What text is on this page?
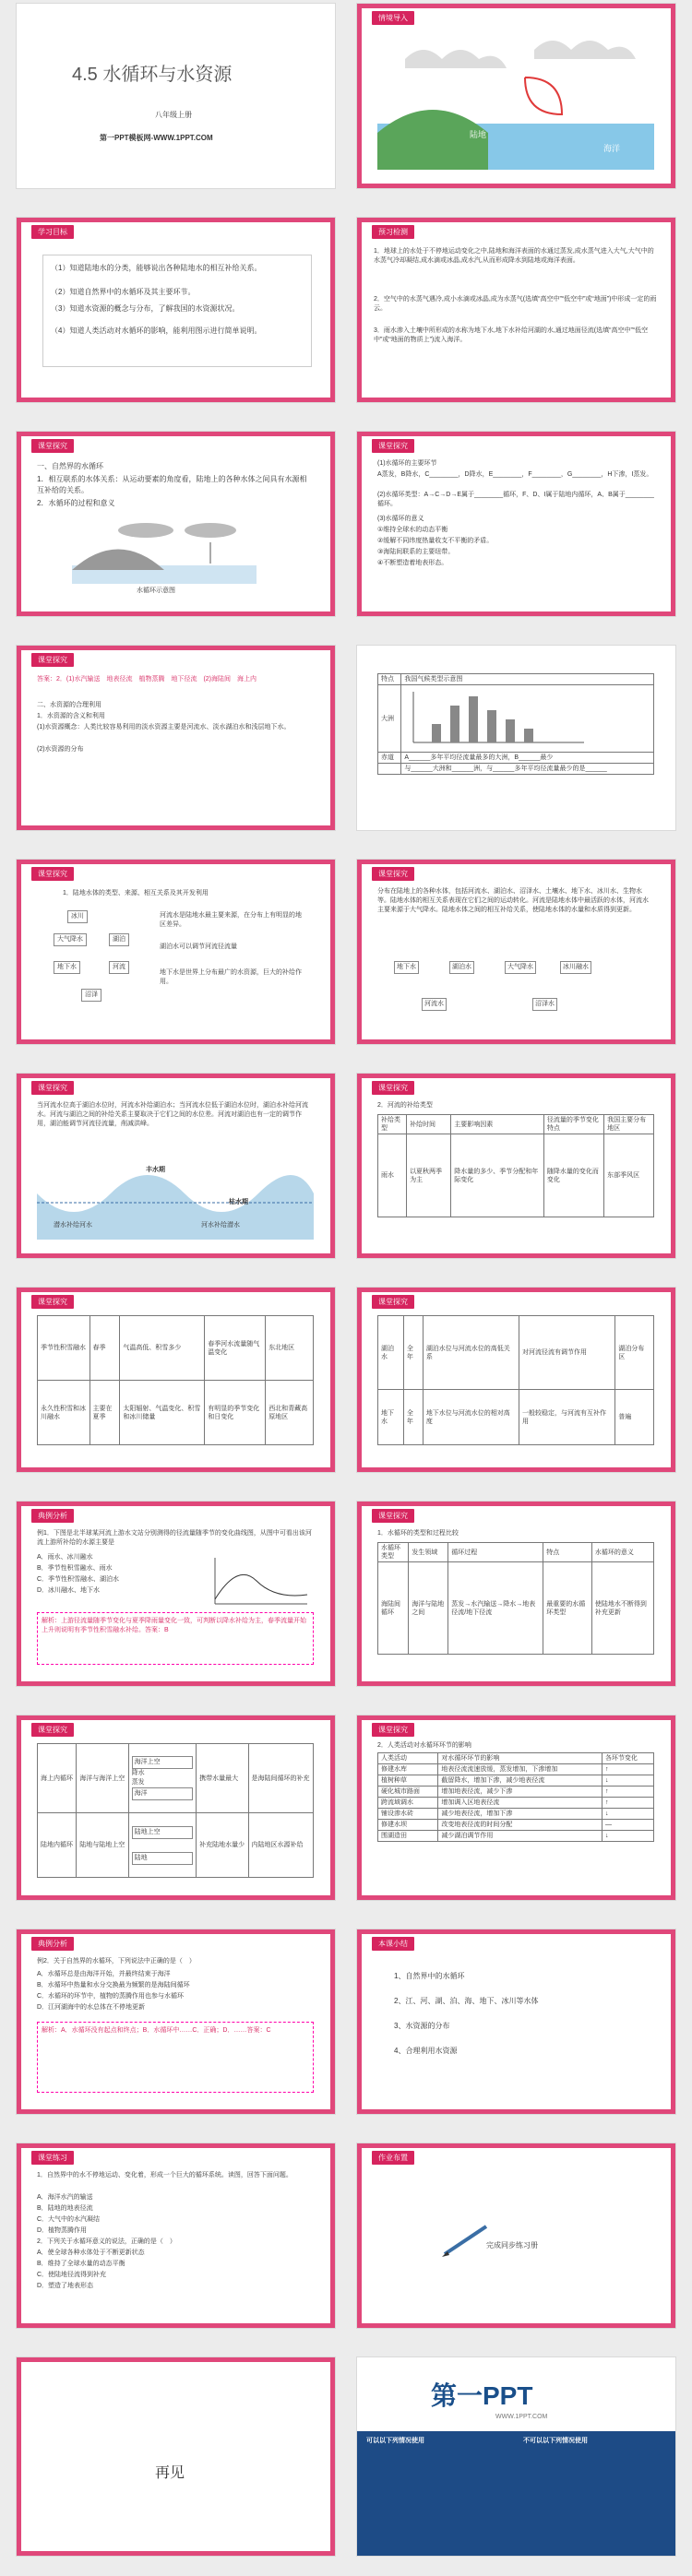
4.5 水循环与水资源
八年级上册
第一PPT模板网-WWW.1PPT.COM
情境导入
陆地
海洋
学习目标
（1）知道陆地水的分类，能够说出各种陆地水的相互补给关系。
（2）知道自然界中的水循环及其主要环节。
（3）知道水资源的概念与分布，了解我国的水资源状况。
（4）知道人类活动对水循环的影响，能利用图示进行简单说明。
预习检测
1．地球上的水处于不停地运动变化之中,陆地和海洋表面的水通过蒸发,成水蒸气进入大气,大气中的水蒸气冷却凝结,成水滴或冰晶,成水汽,从而形成降水到陆地或海洋表面。
2．空气中的水蒸气遇冷,成小水滴或冰晶,成为水蒸气(选填“高空中”“低空中”或“地面”)中形成一定的雨云。
3．雨水渗入土壤中所形成的水称为地下水,地下水补给河湖的水,通过地面径流(选填“高空中”“低空中”或“地面的物质上”)流入海洋。
课堂探究
一、自然界的水循环
1．相互联系的水体关系：从运动要素的角度看，陆地上的各种水体之间具有水源相互补给的关系。
2．水循环的过程和意义
水循环示意图
课堂探究
(1)水循环的主要环节
A蒸发，B降水，C________，D降水，E________，F________，G________，H下渗，I蒸发。
(2)水循环类型：A→C→D→E属于________循环，F、D、I属于陆地内循环，A、B属于________循环。
(3)水循环的意义
①维持全球水的动态平衡
②缓解不同纬度热量收支不平衡的矛盾。
③海陆间联系的主要纽带。
④不断塑造着地表形态。
课堂探究
答案：2．(1)水汽输送　地表径流　植物蒸腾　地下径流　(2)海陆间　海上内
二、水资源的合理利用
1．水资源的含义和利用
(1)水资源概念：人类比较容易利用的淡水资源主要是河流水、淡水湖泊水和浅层地下水。
(2)水资源的分布
特点	我国气候类型示意图
大洲	
赤道	A______多年平均径流量最多的大洲，B______最少
	与______大洲和______洲，与______多年平均径流量最少的是______
课堂探究
1．陆地水体的类型、来源、相互关系及其开发利用
冰川
大气降水	湖泊
地下水	河流
沼泽
河流水是陆地水最主要来源，在分布上有明显的地区差异。
湖泊水可以调节河流径流量
地下水是世界上分布最广的水资源，巨大的补给作用。
课堂探究
分布在陆地上的各种水体，包括河流水、湖泊水、沼泽水、土壤水、地下水、冰川水、生物水等。陆地水体的相互关系表现在它们之间的运动转化。河流是陆地水体中最活跃的水体，河流水主要来源于大气降水。陆地水体之间的相互补给关系，使陆地水体的水量和水质得到更新。
地下水	湖泊水	大气降水	冰川融水
河流水	沼泽水
课堂探究
当河流水位高于湖泊水位时，河流水补给湖泊水；当河流水位低于湖泊水位时，湖泊水补给河流水。河流与湖泊之间的补给关系主要取决于它们之间的水位差。河流对湖泊也有一定的调节作用，湖泊能调节河流径流量，削减洪峰。
丰水期
枯水期
潜水补给河水	河水补给潜水
课堂探究
2．河流的补给类型
补给类型	补给时间	主要影响因素	径流量的季节变化特点	我国主要分布地区
雨水	以夏秋两季为主	降水量的多少、季节分配和年际变化	随降水量的变化而变化	东部季风区
课堂探究
季节性积雪融水	春季	气温高低、积雪多少	春季河水流量随气温变化	东北地区
永久性积雪和冰川融水	主要在夏季	太阳辐射、气温变化、积雪和冰川储量	有明显的季节变化和日变化	西北和青藏高原地区
课堂探究
湖泊水	全年	湖泊水位与河流水位的高低关系	对河流径流有调节作用	湖泊分布区
地下水	全年	地下水位与河流水位的相对高度	一般较稳定，与河流有互补作用	普遍
典例分析
例1．下图是北半球某河流上游水文站分别测得的径流量随季节的变化曲线图，从图中可看出该河流上游所补给的水源主要是
A．雨水、冰川融水
B．季节性积雪融水、雨水
C．季节性积雪融水、湖泊水
D．冰川融水、地下水
解析：上游径流量随季节变化与夏季降雨量变化一致，可判断以降水补给为主，春季流量开始上升则说明有季节性积雪融水补给。答案：B
课堂探究
1．水循环的类型和过程比较
水循环类型	发生领域	循环过程	特点	水循环的意义
海陆间循环	海洋与陆地之间	蒸发→水汽输送→降水→地表径流/地下径流	最重要的水循环类型	使陆地水不断得到补充更新
课堂探究
海上内循环	海洋与海洋上空	海洋上空
降水
蒸发
海洋	携带水量最大	是海陆间循环的补充
陆地内循环	陆地与陆地上空	陆地上空
陆地	补充陆地水量少	内陆地区水源补给
课堂探究
2．人类活动对水循环环节的影响
人类活动	对水循环环节的影响	各环节变化
修建水库	地表径流流速放缓，蒸发增加，下渗增加	↑
植树种草	截留降水，增加下渗，减少地表径流	↓
硬化城市路面	增加地表径流，减少下渗	↑
跨流域调水	增加调入区地表径流	↑
铺设渗水砖	减少地表径流，增加下渗	↓
修建水坝	改变地表径流的时间分配	—
围湖造田	减少湖泊调节作用	↓
典例分析
例2．关于自然界的水循环，下列说法中正确的是（　）
A．水循环总是由海洋开始，并最终结束于海洋
B．水循环中热量和水分交换最为频繁的是海陆间循环
C．水循环的环节中，植物的蒸腾作用也参与水循环
D．江河湖海中的水总体在不停地更新
解析：A．水循环没有起点和终点；B．水循环中……C．正确；D．……答案：C
本课小结
1、自然界中的水循环
2、江、河、湖、泊、海、地下、冰川等水体
3、水资源的分布
4、合理利用水资源
课堂练习
1．自然界中的水不停地运动、变化着，形成一个巨大的循环系统。读图，回答下面问题。
A．海洋水汽的输送
B．陆地的地表径流
C．大气中的水汽凝结
D．植物蒸腾作用
2．下列关于水循环意义的说法，正确的是（　）
A．使全球各种水体处于不断更新状态
B．维持了全球水量的动态平衡
C．使陆地径流得到补充
D．塑造了地表形态
作业布置
完成同步练习册
再见
第一PPT
WWW.1PPT.COM
可以以下列情况使用	不可以以下列情况使用
